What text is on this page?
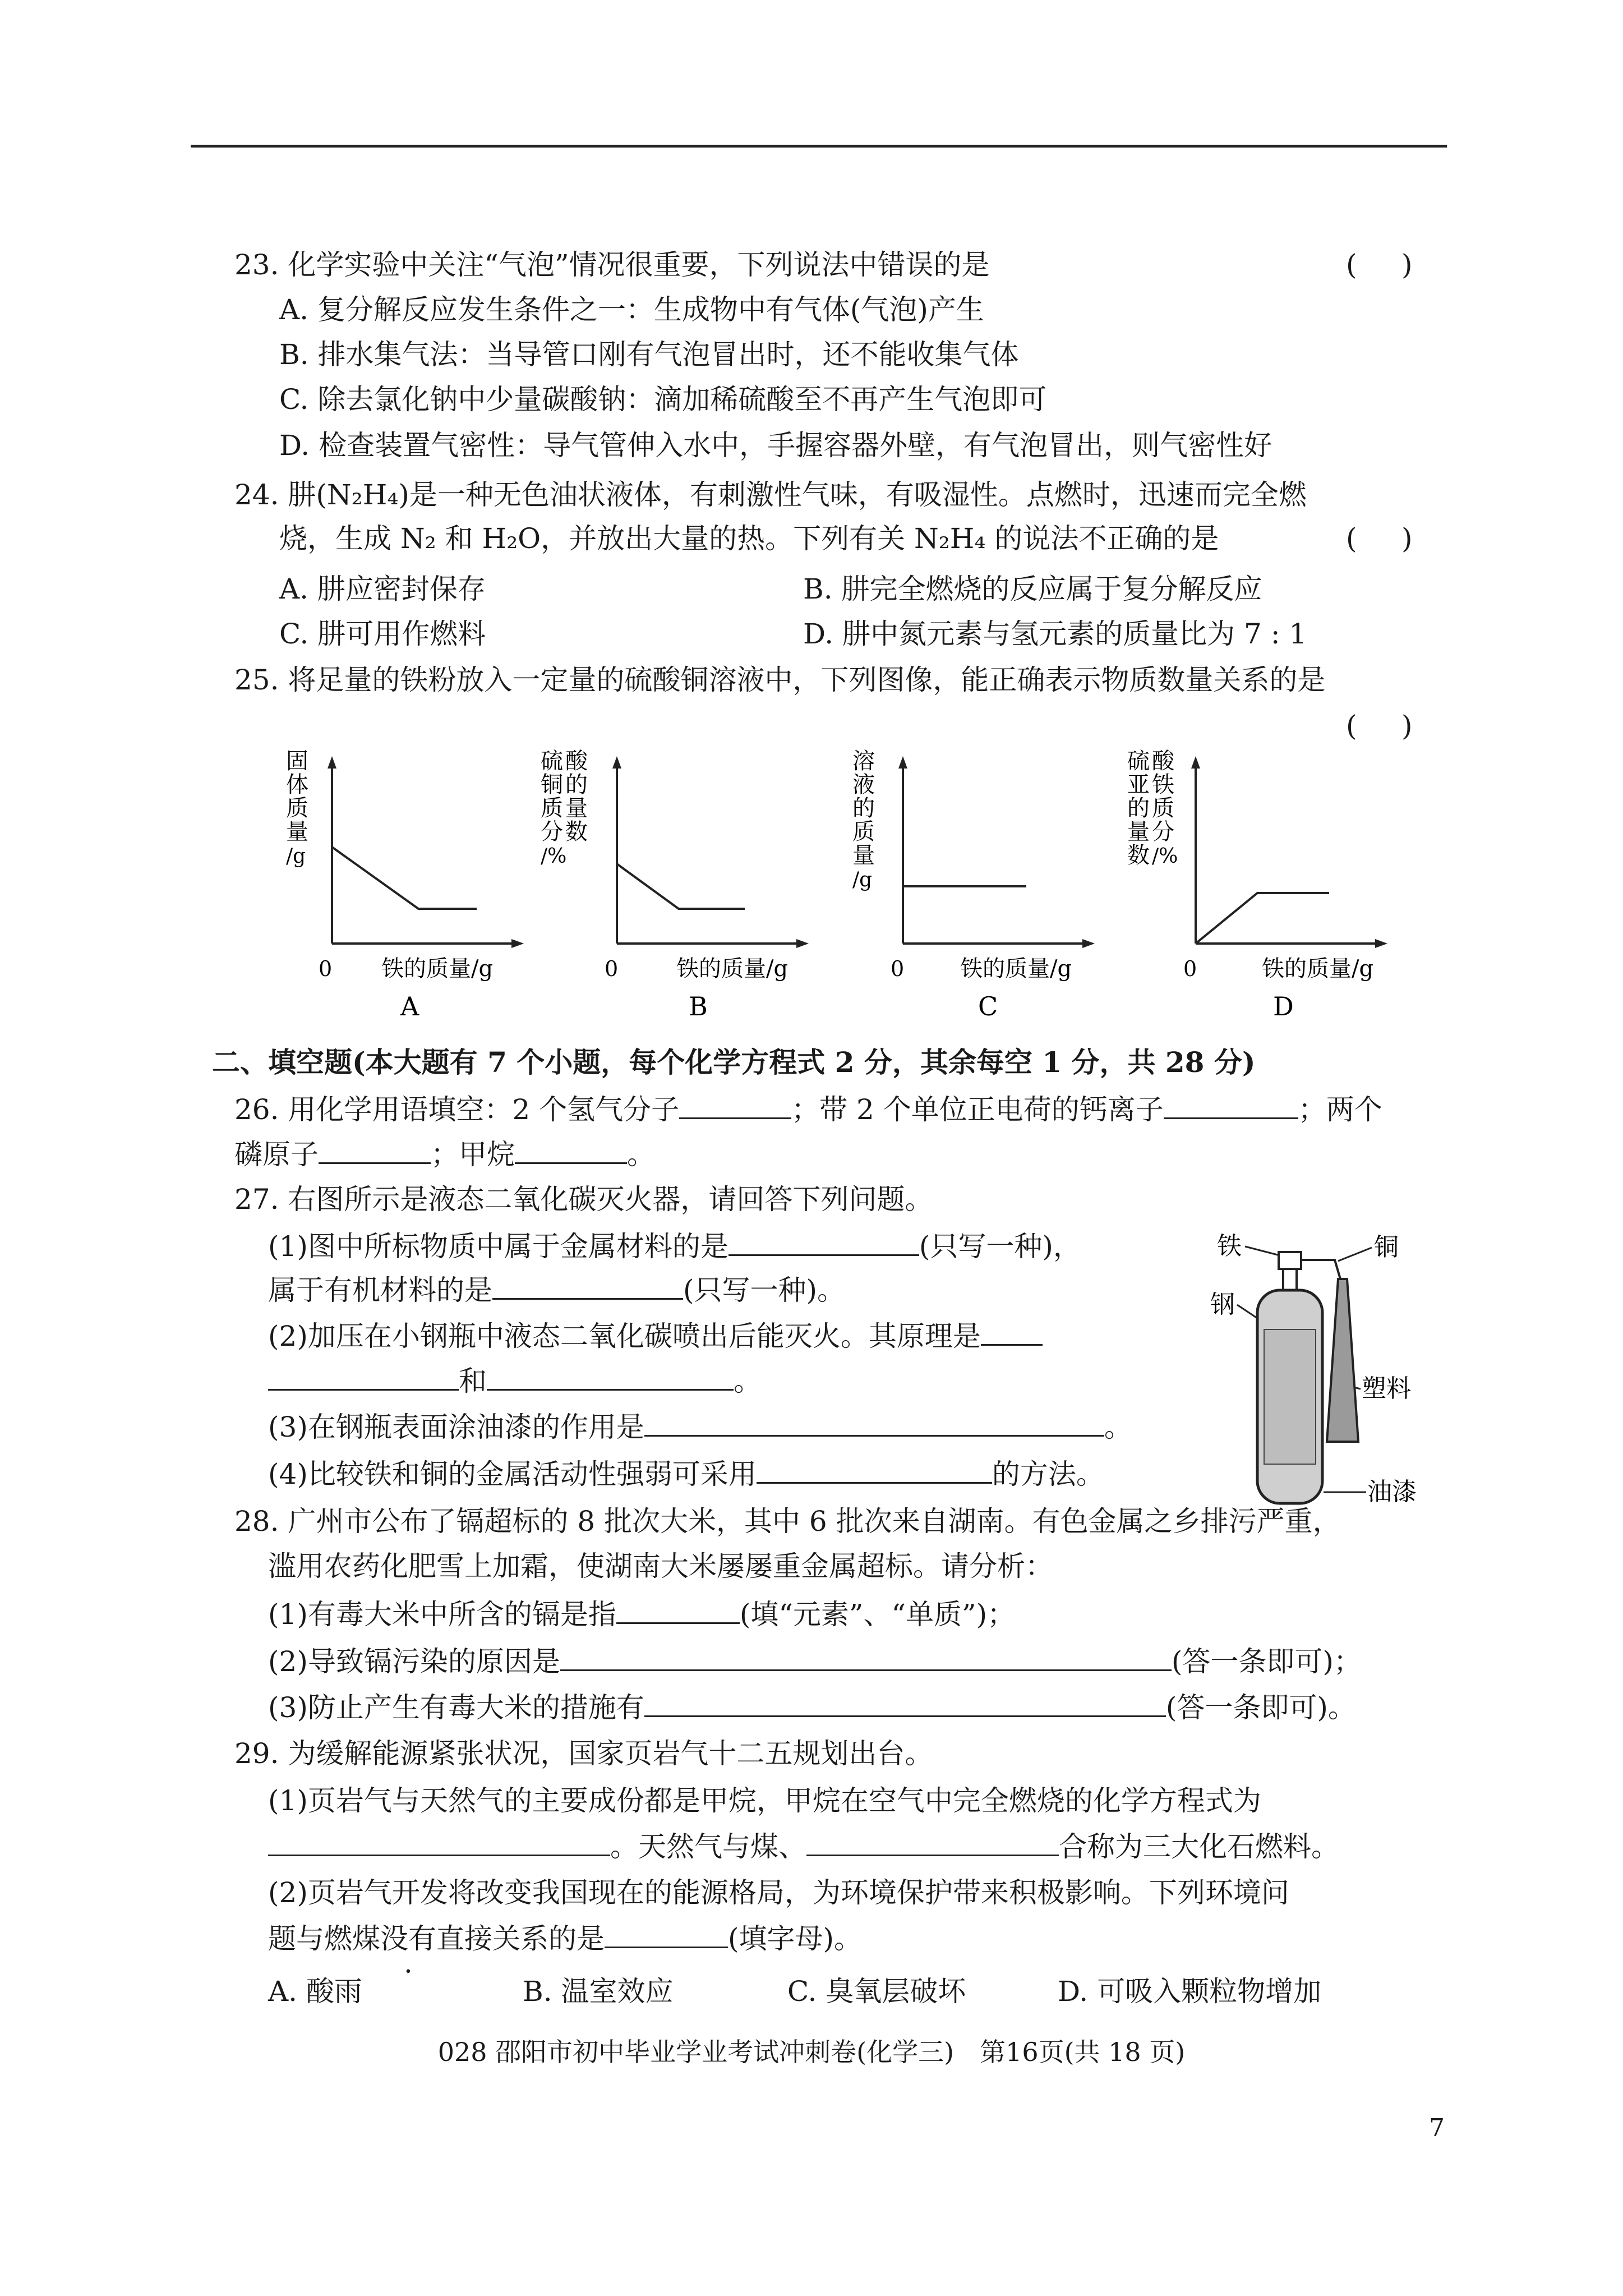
23. 化学实验中关注“气泡”情况很重要，下列说法中错误的是	(     )
A. 复分解反应发生条件之一：生成物中有气体(气泡)产生
B. 排水集气法：当导管口刚有气泡冒出时，还不能收集气体
C. 除去氯化钠中少量碳酸钠：滴加稀硫酸至不再产生气泡即可
D. 检查装置气密性：导气管伸入水中，手握容器外壁，有气泡冒出，则气密性好
24. 肼(N₂H₄)是一种无色油状液体，有刺激性气味，有吸湿性。点燃时，迅速而完全燃
烧，生成 N₂ 和 H₂O，并放出大量的热。下列有关 N₂H₄ 的说法不正确的是	(     )
A. 肼应密封保存	B. 肼完全燃烧的反应属于复分解反应
C. 肼可用作燃料	D. 肼中氮元素与氢元素的质量比为 7 : 1
25. 将足量的铁粉放入一定量的硫酸铜溶液中，下列图像，能正确表示物质数量关系的是
(     )
固
体
质
量
/g
0 铁的质量/g
A
硫
铜
质
分
/%
酸
的
量
数
0	铁的质量/g
B
溶
液
的
质
量
/g
0 铁的质量/g
C
硫
亚
的
量
数
酸
铁
质
分
/%
0	铁的质量/g
D
二、填空题(本大题有 7 个小题，每个化学方程式 2 分，其余每空 1 分，共 28 分)
26. 用化学用语填空：2 个氢气分子	；带 2 个单位正电荷的钙离子	；两个
磷原子	；甲烷	。
27. 右图所示是液态二氧化碳灭火器，请回答下列问题。
(1)图中所标物质中属于金属材料的是	(只写一种)，
属于有机材料的是	(只写一种)。
(2)加压在小钢瓶中液态二氧化碳喷出后能灭火。其原理是
和	。
(3)在钢瓶表面涂油漆的作用是	。
(4)比较铁和铜的金属活动性强弱可采用	的方法。
铁	铜
钢
塑料
油漆
28. 广州市公布了镉超标的 8 批次大米，其中 6 批次来自湖南。有色金属之乡排污严重，
滥用农药化肥雪上加霜，使湖南大米屡屡重金属超标。请分析：
(1)有毒大米中所含的镉是指	(填“元素”、“单质”)；
(2)导致镉污染的原因是	(答一条即可)；
(3)防止产生有毒大米的措施有	(答一条即可)。
29. 为缓解能源紧张状况，国家页岩气十二五规划出台。
(1)页岩气与天然气的主要成份都是甲烷，甲烷在空气中完全燃烧的化学方程式为
。天然气与煤、	合称为三大化石燃料。
(2)页岩气开发将改变我国现在的能源格局，为环境保护带来积极影响。下列环境问
题与燃煤没有直接关系的是	(填字母)。
A. 酸雨	B. 温室效应	C. 臭氧层破坏	D. 可吸入颗粒物增加
028 邵阳市初中毕业学业考试冲刺卷(化学三)　第16页(共 18 页)
7
